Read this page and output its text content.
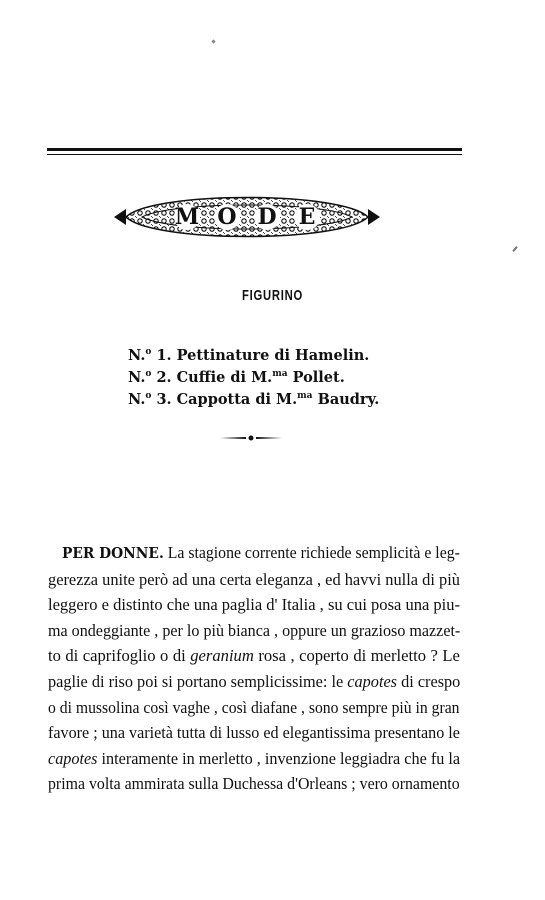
M O D E
FIGURINO
N.$^o$ 1. Pettinature di Hamelin.
N.$^o$ 2. Cuffie di M.$^{ma}$ Pollet.
N.$^o$ 3. Cappotta di M.$^{ma}$ Baudry.
PER DONNE. La stagione corrente richiede semplicità e leg-
gerezza unite però ad una certa eleganza , ed havvi nulla di più
leggero e distinto che una paglia d' Italia , su cui posa una piu-
ma ondeggiante , per lo più bianca , oppure un grazioso mazzet-
to di caprifoglio o di geranium rosa , coperto di merletto ? Le
paglie di riso poi si portano semplicissime: le capotes di crespo
o di mussolina così vaghe , così diafane , sono sempre più in gran
favore ; una varietà tutta di lusso ed elegantissima presentano le
capotes interamente in merletto , invenzione leggiadra che fu la
prima volta ammirata sulla Duchessa d'Orleans ; vero ornamento
